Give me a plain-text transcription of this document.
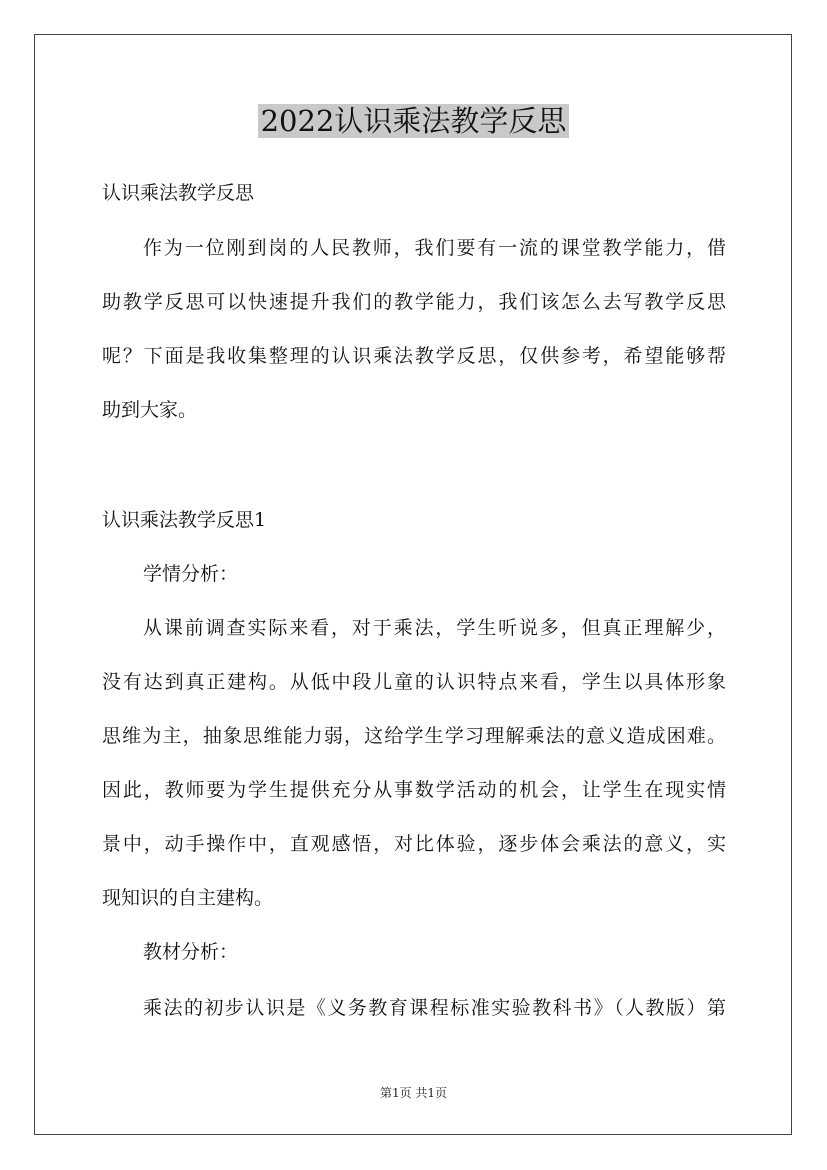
2022认识乘法教学反思
认识乘法教学反思
作为一位刚到岗的人民教师，我们要有一流的课堂教学能力，借
助教学反思可以快速提升我们的教学能力，我们该怎么去写教学反思
呢？下面是我收集整理的认识乘法教学反思，仅供参考，希望能够帮
助到大家。
认识乘法教学反思1
学情分析：
从课前调查实际来看，对于乘法，学生听说多，但真正理解少，
没有达到真正建构。从低中段儿童的认识特点来看，学生以具体形象
思维为主，抽象思维能力弱，这给学生学习理解乘法的意义造成困难。
因此，教师要为学生提供充分从事数学活动的机会，让学生在现实情
景中，动手操作中，直观感悟，对比体验，逐步体会乘法的意义，实
现知识的自主建构。
教材分析：
乘法的初步认识是《义务教育课程标准实验教科书》（人教版）第
第1页 共1页
